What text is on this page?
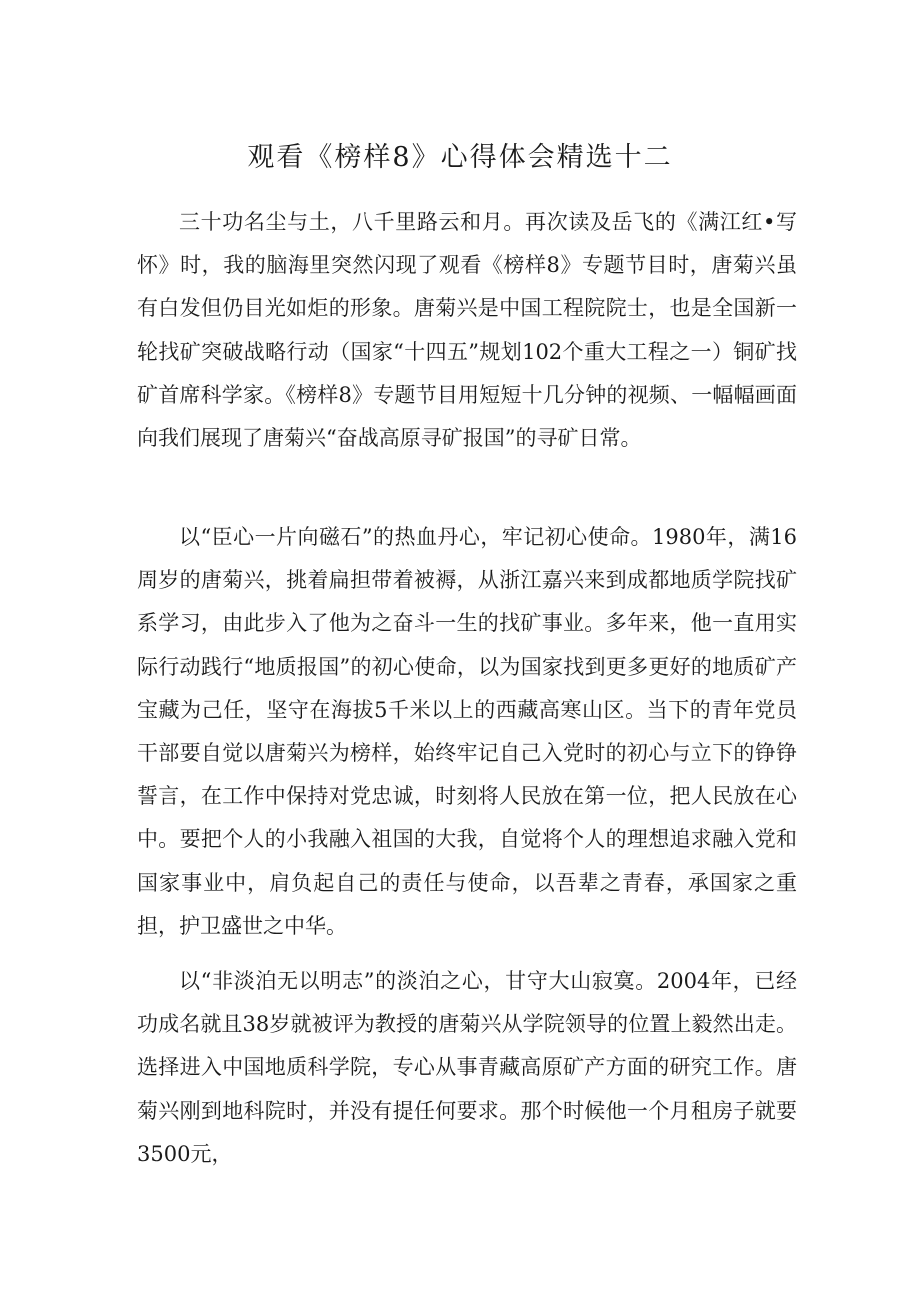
观看《榜样8》心得体会精选十二

三十功名尘与土，八千里路云和月。再次读及岳飞的《满江红•写怀》时，我的脑海里突然闪现了观看《榜样8》专题节目时，唐菊兴虽有白发但仍目光如炬的形象。唐菊兴是中国工程院院士，也是全国新一轮找矿突破战略行动（国家“十四五”规划102个重大工程之一）铜矿找矿首席科学家。《榜样8》专题节目用短短十几分钟的视频、一幅幅画面向我们展现了唐菊兴“奋战高原寻矿报国”的寻矿日常。

以“臣心一片向磁石”的热血丹心，牢记初心使命。1980年，满16周岁的唐菊兴，挑着扁担带着被褥，从浙江嘉兴来到成都地质学院找矿系学习，由此步入了他为之奋斗一生的找矿事业。多年来，他一直用实际行动践行“地质报国”的初心使命，以为国家找到更多更好的地质矿产宝藏为己任，坚守在海拔5千米以上的西藏高寒山区。当下的青年党员干部要自觉以唐菊兴为榜样，始终牢记自己入党时的初心与立下的铮铮誓言，在工作中保持对党忠诚，时刻将人民放在第一位，把人民放在心中。要把个人的小我融入祖国的大我，自觉将个人的理想追求融入党和国家事业中，肩负起自己的责任与使命，以吾辈之青春，承国家之重担，护卫盛世之中华。

以“非淡泊无以明志”的淡泊之心，甘守大山寂寞。2004年，已经功成名就且38岁就被评为教授的唐菊兴从学院领导的位置上毅然出走。选择进入中国地质科学院，专心从事青藏高原矿产方面的研究工作。唐菊兴刚到地科院时，并没有提任何要求。那个时候他一个月租房子就要3500元，
